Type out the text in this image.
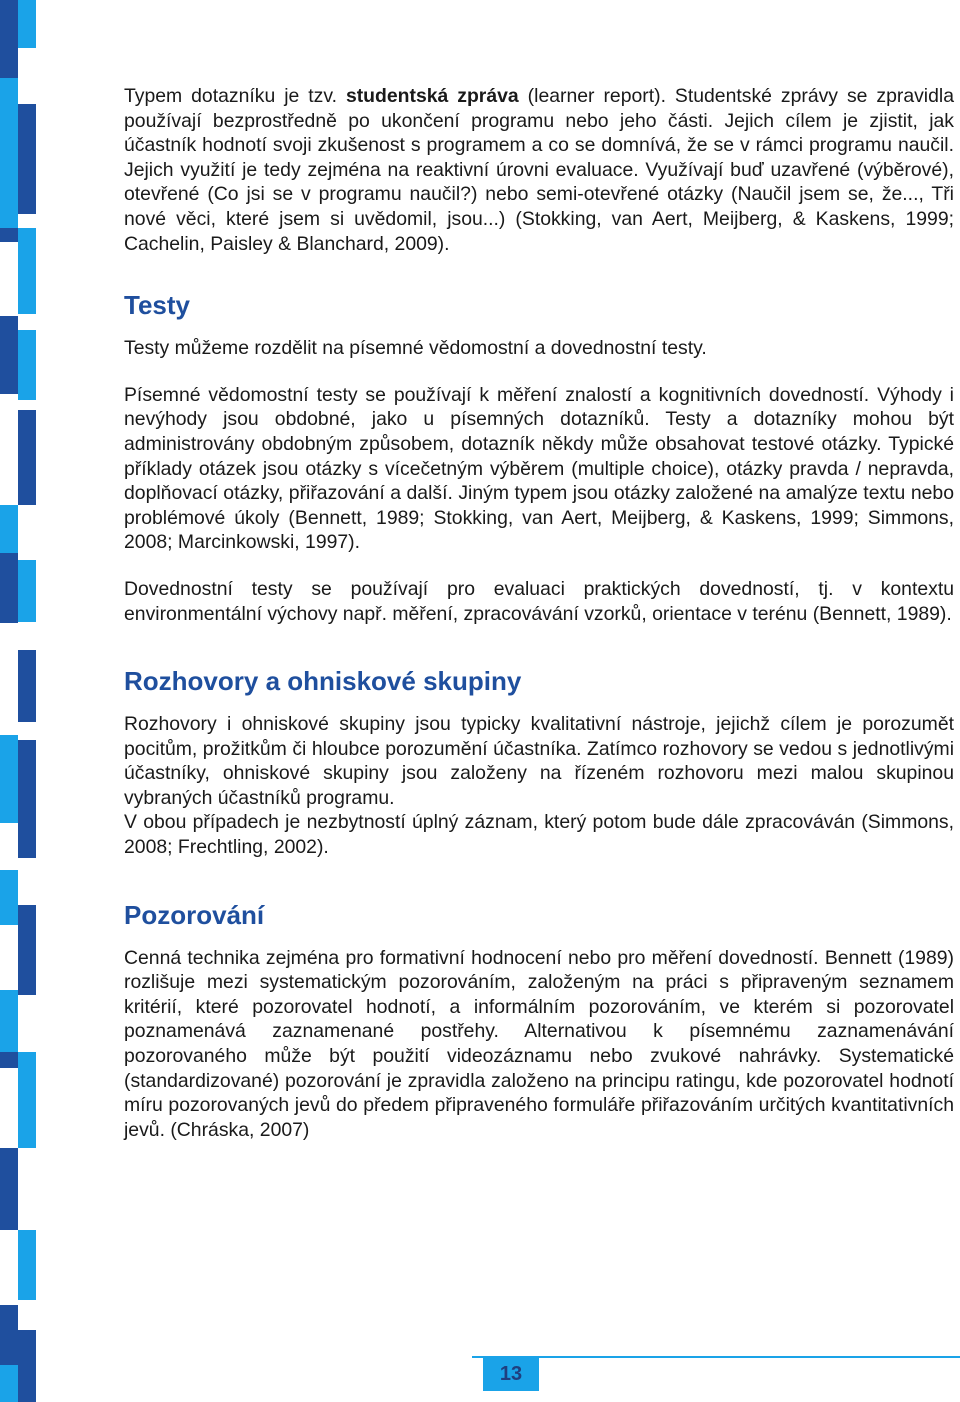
Typem dotazníku je tzv. studentská zpráva (learner report). Studentské zprávy se zpravidla používají bezprostředně po ukončení programu nebo jeho části. Jejich cílem je zjistit, jak účastník hodnotí svoji zkušenost s programem a co se domnívá, že se v rámci programu naučil. Jejich využití je tedy zejména na reaktivní úrovni evaluace. Využívají buď uzavřené (výběrové), otevřené (Co jsi se v programu naučil?) nebo semi-otevřené otázky (Naučil jsem se, že..., Tři nové věci, které jsem si uvědomil, jsou...) (Stokking, van Aert, Meijberg, & Kaskens, 1999; Cachelin, Paisley & Blanchard, 2009).

Testy

Testy můžeme rozdělit na písemné vědomostní a dovednostní testy.

Písemné vědomostní testy se používají k měření znalostí a kognitivních dovedností. Výhody i nevýhody jsou obdobné, jako u písemných dotazníků. Testy a dotazníky mohou být administrovány obdobným způsobem, dotazník někdy může obsahovat testové otázky. Typické příklady otázek jsou otázky s vícečetným výběrem (multiple choice), otázky pravda / nepravda, doplňovací otázky, přiřazování a další. Jiným typem jsou otázky založené na amalýze textu nebo problémové úkoly (Bennett, 1989; Stokking, van Aert, Meijberg, & Kaskens, 1999; Simmons, 2008; Marcinkowski, 1997).

Dovednostní testy se používají pro evaluaci praktických dovedností, tj. v kontextu environmentální výchovy např. měření, zpracovávání vzorků, orientace v terénu (Bennett, 1989).

Rozhovory a ohniskové skupiny

Rozhovory i ohniskové skupiny jsou typicky kvalitativní nástroje, jejichž cílem je porozumět pocitům, prožitkům či hloubce porozumění účastníka. Zatímco rozhovory se vedou s jednotlivými účastníky, ohniskové skupiny jsou založeny na řízeném rozhovoru mezi malou skupinou vybraných účastníků programu.

V obou případech je nezbytností úplný záznam, který potom bude dále zpracováván (Simmons, 2008; Frechtling, 2002).

Pozorování

Cenná technika zejména pro formativní hodnocení nebo pro měření dovedností. Bennett (1989) rozlišuje mezi systematickým pozorováním, založeným na práci s připraveným seznamem kritérií, které pozorovatel hodnotí, a informálním pozorováním, ve kterém si pozorovatel poznamenává zaznamenané postřehy. Alternativou k písemnému zaznamenávání pozorovaného může být použití videozáznamu nebo zvukové nahrávky. Systematické (standardizované) pozorování je zpravidla založeno na principu ratingu, kde pozorovatel hodnotí míru pozorovaných jevů do předem připraveného formuláře přiřazováním určitých kvantitativních jevů. (Chráska, 2007)

13
